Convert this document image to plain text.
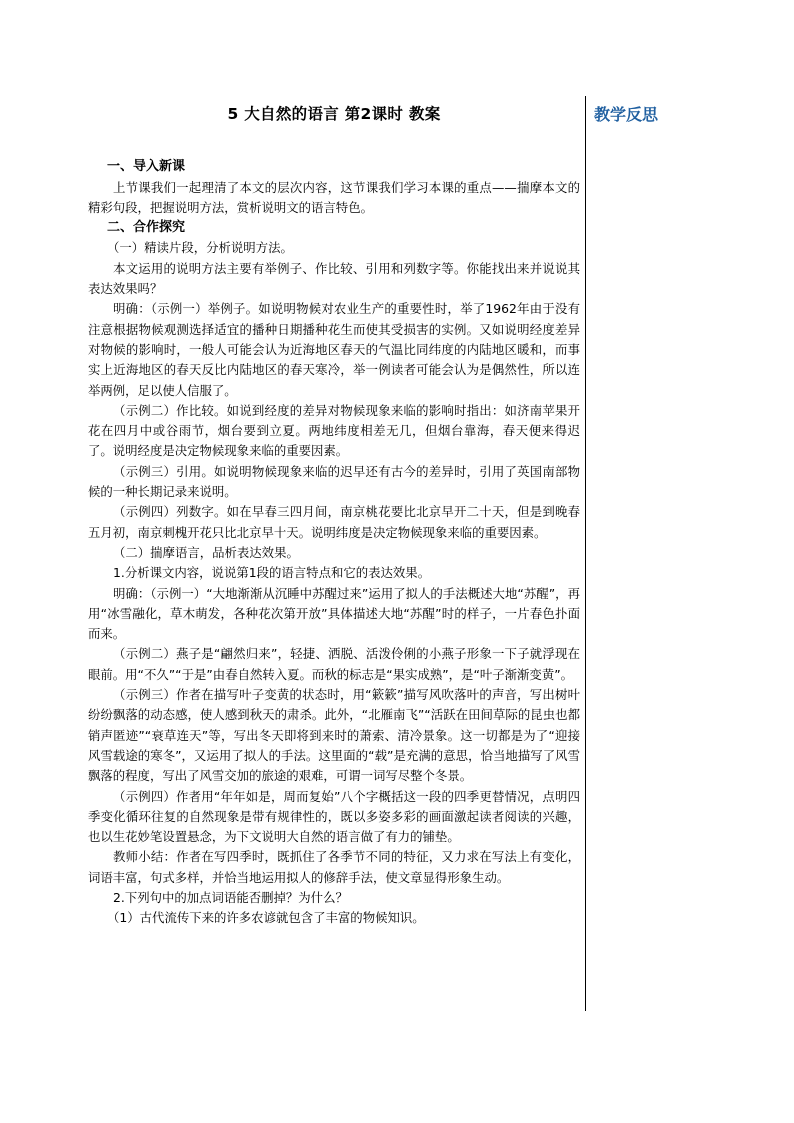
教学反思
5 大自然的语言 第2课时 教案

一、导入新课

上节课我们一起理清了本文的层次内容，这节课我们学习本课的重点——揣摩本文的精彩句段，把握说明方法，赏析说明文的语言特色。

二、合作探究

（一）精读片段，分析说明方法。

本文运用的说明方法主要有举例子、作比较、引用和列数字等。你能找出来并说说其表达效果吗？

明确：（示例一）举例子。如说明物候对农业生产的重要性时，举了1962年由于没有注意根据物候观测选择适宜的播种日期播种花生而使其受损害的实例。又如说明经度差异对物候的影响时，一般人可能会认为近海地区春天的气温比同纬度的内陆地区暖和，而事实上近海地区的春天反比内陆地区的春天寒冷，举一例读者可能会认为是偶然性，所以连举两例，足以使人信服了。

（示例二）作比较。如说到经度的差异对物候现象来临的影响时指出：如济南苹果开花在四月中或谷雨节，烟台要到立夏。两地纬度相差无几，但烟台靠海，春天便来得迟了。说明经度是决定物候现象来临的重要因素。

（示例三）引用。如说明物候现象来临的迟早还有古今的差异时，引用了英国南部物候的一种长期记录来说明。

（示例四）列数字。如在早春三四月间，南京桃花要比北京早开二十天，但是到晚春五月初，南京刺槐开花只比北京早十天。说明纬度是决定物候现象来临的重要因素。

（二）揣摩语言，品析表达效果。

1.分析课文内容，说说第1段的语言特点和它的表达效果。

明确：（示例一）“大地渐渐从沉睡中苏醒过来”运用了拟人的手法概述大地“苏醒”，再用“冰雪融化，草木萌发，各种花次第开放”具体描述大地“苏醒”时的样子，一片春色扑面而来。

（示例二）燕子是“翩然归来”，轻捷、洒脱、活泼伶俐的小燕子形象一下子就浮现在眼前。用“不久”“于是”由春自然转入夏。而秋的标志是“果实成熟”，是“叶子渐渐变黄”。

（示例三）作者在描写叶子变黄的状态时，用“簌簌”描写风吹落叶的声音，写出树叶纷纷飘落的动态感，使人感到秋天的肃杀。此外，“北雁南飞”“活跃在田间草际的昆虫也都销声匿迹”“衰草连天”等，写出冬天即将到来时的萧索、清冷景象。这一切都是为了“迎接风雪载途的寒冬”，又运用了拟人的手法。这里面的“载”是充满的意思，恰当地描写了风雪飘落的程度，写出了风雪交加的旅途的艰难，可谓一词写尽整个冬景。

（示例四）作者用“年年如是，周而复始”八个字概括这一段的四季更替情况，点明四季变化循环往复的自然现象是带有规律性的，既以多姿多彩的画面激起读者阅读的兴趣，也以生花妙笔设置悬念，为下文说明大自然的语言做了有力的铺垫。

教师小结：作者在写四季时，既抓住了各季节不同的特征，又力求在写法上有变化，词语丰富，句式多样，并恰当地运用拟人的修辞手法，使文章显得形象生动。

2.下列句中的加点词语能否删掉？为什么？

（1）古代流传下来的许多农谚就包含了丰富的物候知识。
